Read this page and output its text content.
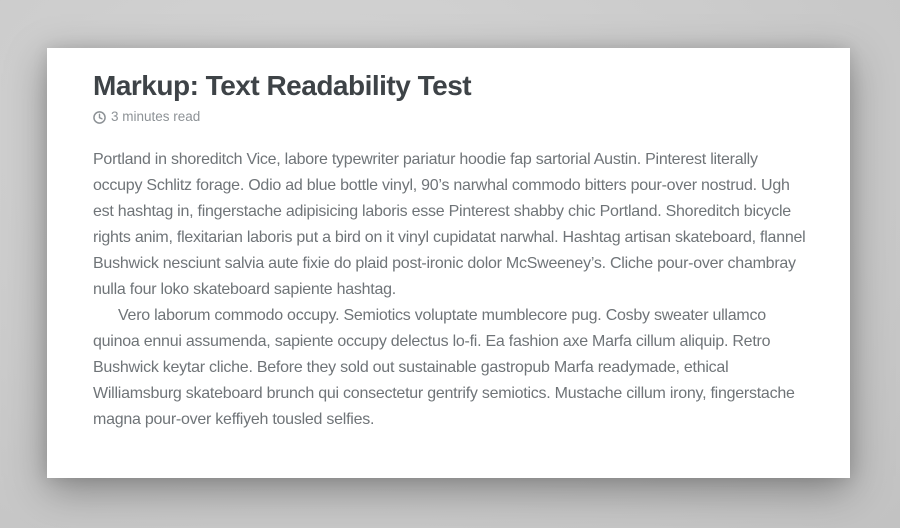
Markup: Text Readability Test
3 minutes read

Portland in shoreditch Vice, labore typewriter pariatur hoodie fap sartorial Austin. Pinterest literally occupy Schlitz forage. Odio ad blue bottle vinyl, 90’s narwhal commodo bitters pour-over nostrud. Ugh est hashtag in, fingerstache adipisicing laboris esse Pinterest shabby chic Portland. Shoreditch bicycle rights anim, flexitarian laboris put a bird on it vinyl cupidatat narwhal. Hashtag artisan skateboard, flannel Bushwick nesciunt salvia aute fixie do plaid post-ironic dolor McSweeney’s. Cliche pour-over chambray nulla four loko skateboard sapiente hashtag.

Vero laborum commodo occupy. Semiotics voluptate mumblecore pug. Cosby sweater ullamco quinoa ennui assumenda, sapiente occupy delectus lo-fi. Ea fashion axe Marfa cillum aliquip. Retro Bushwick keytar cliche. Before they sold out sustainable gastropub Marfa readymade, ethical Williamsburg skateboard brunch qui consectetur gentrify semiotics. Mustache cillum irony, fingerstache magna pour-over keffiyeh tousled selfies.
